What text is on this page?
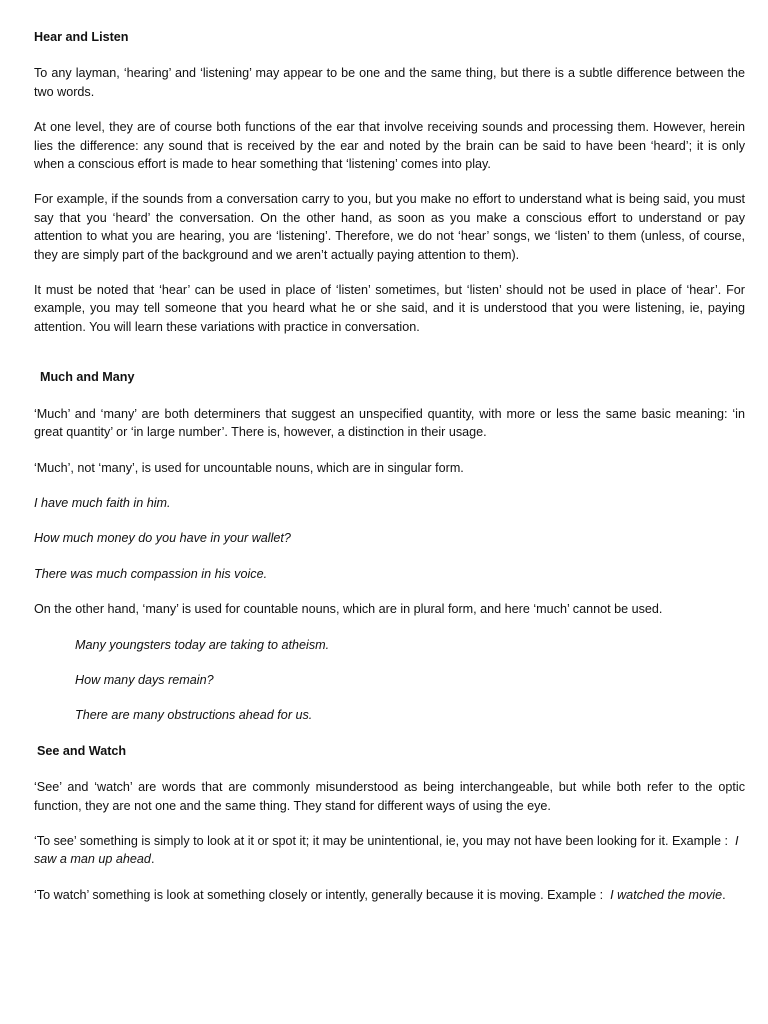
Hear and Listen

To any layman, ‘hearing’ and ‘listening’ may appear to be one and the same thing, but there is a subtle difference between the two words.

At one level, they are of course both functions of the ear that involve receiving sounds and processing them. However, herein lies the difference: any sound that is received by the ear and noted by the brain can be said to have been ‘heard’; it is only when a conscious effort is made to hear something that ‘listening’ comes into play.

For example, if the sounds from a conversation carry to you, but you make no effort to understand what is being said, you must say that you ‘heard’ the conversation. On the other hand, as soon as you make a conscious effort to understand or pay attention to what you are hearing, you are ‘listening’. Therefore, we do not ‘hear’ songs, we ‘listen’ to them (unless, of course, they are simply part of the background and we aren’t actually paying attention to them).

It must be noted that ‘hear’ can be used in place of ‘listen’ sometimes, but ‘listen’ should not be used in place of ‘hear’. For example, you may tell someone that you heard what he or she said, and it is understood that you were listening, ie, paying attention. You will learn these variations with practice in conversation.

Much and Many

‘Much’ and ‘many’ are both determiners that suggest an unspecified quantity, with more or less the same basic meaning: ‘in great quantity’ or ‘in large number’. There is, however, a distinction in their usage.

‘Much’, not ‘many’, is used for uncountable nouns, which are in singular form.

I have much faith in him.
How much money do you have in your wallet?
There was much compassion in his voice.

On the other hand, ‘many’ is used for countable nouns, which are in plural form, and here ‘much’ cannot be used.

Many youngsters today are taking to atheism.
How many days remain?
There are many obstructions ahead for us.
See and Watch

‘See’ and ‘watch’ are words that are commonly misunderstood as being interchangeable, but while both refer to the optic function, they are not one and the same thing. They stand for different ways of using the eye.

‘To see’ something is simply to look at it or spot it; it may be unintentional, ie, you may not have been looking for it. Example : I saw a man up ahead.

‘To watch’ something is look at something closely or intently, generally because it is moving. Example : I watched the movie.
